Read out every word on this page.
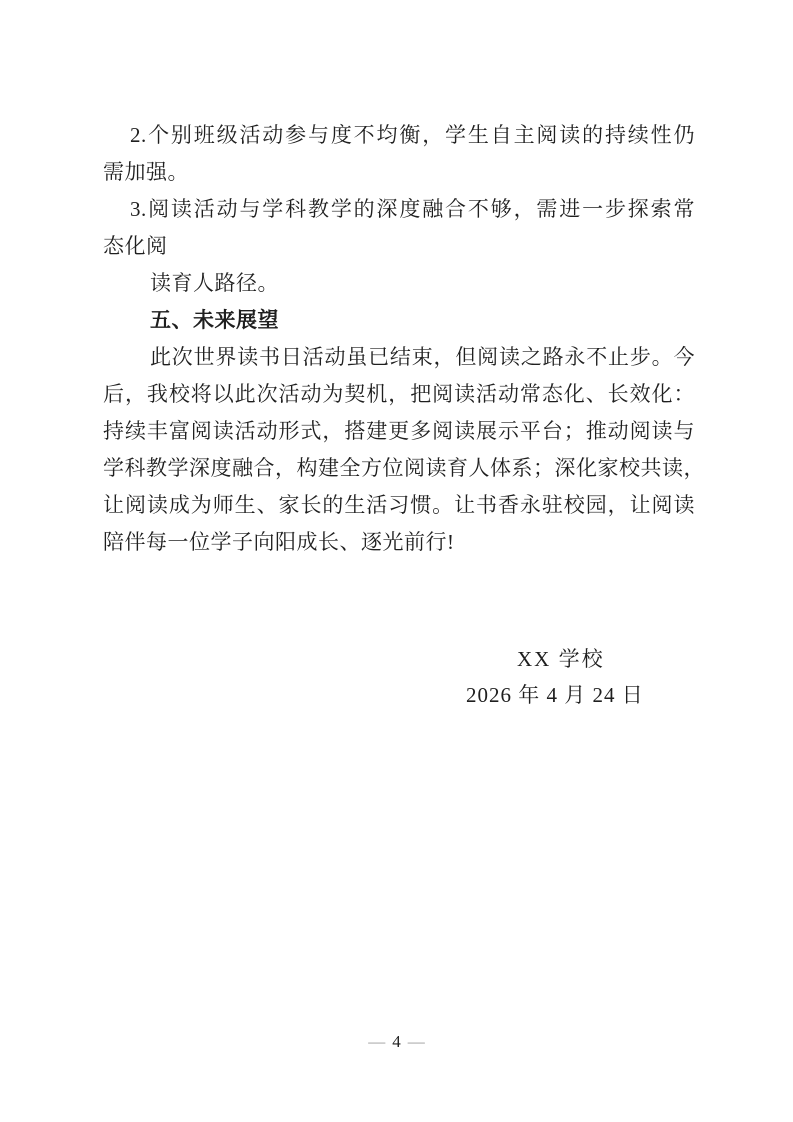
2.个别班级活动参与度不均衡，学生自主阅读的持续性仍
需加强。
3.阅读活动与学科教学的深度融合不够，需进一步探索常
态化阅
读育人路径。
五、未来展望
此次世界读书日活动虽已结束，但阅读之路永不止步。今
后，我校将以此次活动为契机，把阅读活动常态化、长效化：
持续丰富阅读活动形式，搭建更多阅读展示平台；推动阅读与
学科教学深度融合，构建全方位阅读育人体系；深化家校共读，
让阅读成为师生、家长的生活习惯。让书香永驻校园，让阅读
陪伴每一位学子向阳成长、逐光前行!
XX 学校
2026 年 4 月 24 日
— 4 —
